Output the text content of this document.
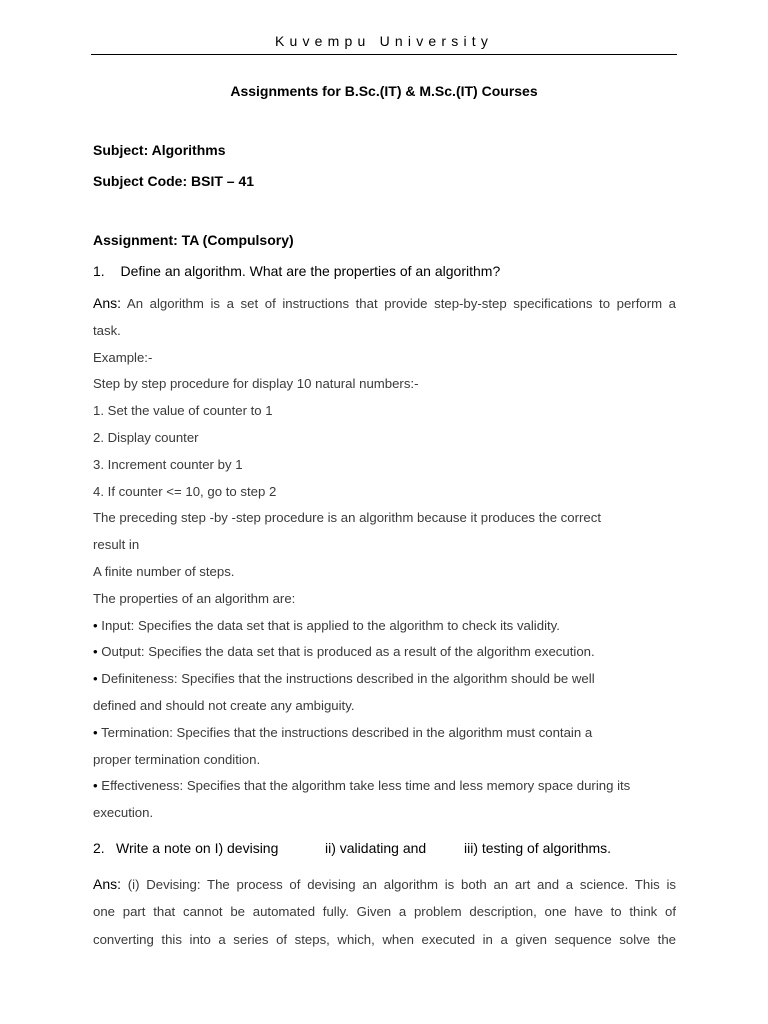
Kuvempu University
Assignments for B.Sc.(IT) & M.Sc.(IT) Courses
Subject: Algorithms
Subject Code: BSIT – 41
Assignment: TA (Compulsory)
1. Define an algorithm. What are the properties of an algorithm?
Ans: An algorithm is a set of instructions that provide step-by-step specifications to perform a
task.
Example:-
Step by step procedure for display 10 natural numbers:-
1. Set the value of counter to 1
2. Display counter
3. Increment counter by 1
4. If counter <= 10, go to step 2
The preceding step -by -step procedure is an algorithm because it produces the correct
result in
A finite number of steps.
The properties of an algorithm are:
• Input: Specifies the data set that is applied to the algorithm to check its validity.
• Output: Specifies the data set that is produced as a result of the algorithm execution.
• Definiteness: Specifies that the instructions described in the algorithm should be well
defined and should not create any ambiguity.
• Termination: Specifies that the instructions described in the algorithm must contain a
proper termination condition.
• Effectiveness: Specifies that the algorithm take less time and less memory space during its
execution.
2. Write a note on I) devising	ii) validating and	iii) testing of algorithms.
Ans: (i) Devising: The process of devising an algorithm is both an art and a science. This is
one part that cannot be automated fully. Given a problem description, one have to think of
converting this into a series of steps, which, when executed in a given sequence solve the
